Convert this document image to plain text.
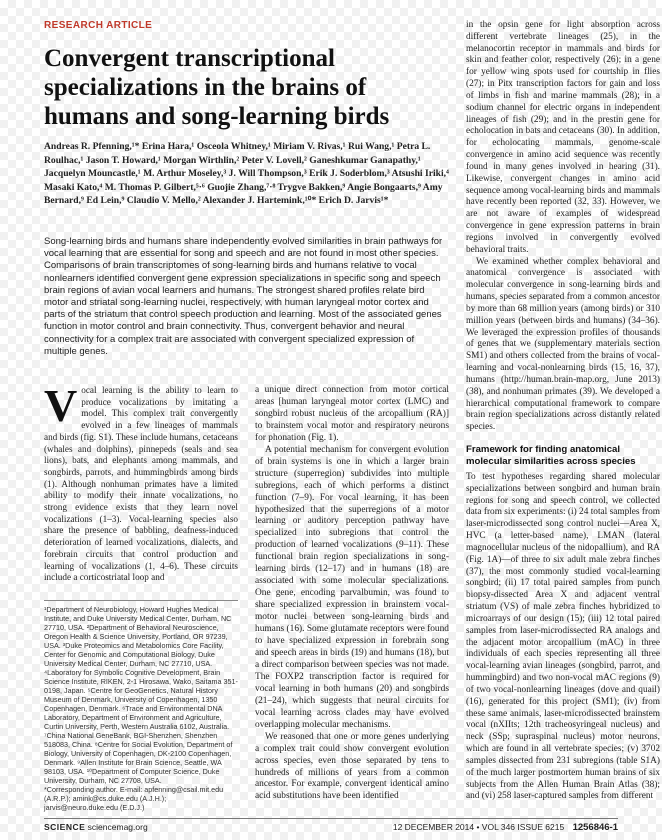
RESEARCH ARTICLE
Convergent transcriptional specializations in the brains of humans and song-learning birds
Andreas R. Pfenning,¹* Erina Hara,¹ Osceola Whitney,¹ Miriam V. Rivas,¹ Rui Wang,¹ Petra L. Roulhac,¹ Jason T. Howard,¹ Morgan Wirthlin,² Peter V. Lovell,² Ganeshkumar Ganapathy,¹ Jacquelyn Mouncastle,¹ M. Arthur Moseley,³ J. Will Thompson,³ Erik J. Soderblom,³ Atsushi Iriki,⁴ Masaki Kato,⁴ M. Thomas P. Gilbert,⁵·⁶ Guojie Zhang,⁷·⁸ Trygve Bakken,⁹ Angie Bongaarts,⁹ Amy Bernard,⁹ Ed Lein,⁹ Claudio V. Mello,² Alexander J. Hartemink,¹⁰* Erich D. Jarvis¹*
Song-learning birds and humans share independently evolved similarities in brain pathways for vocal learning that are essential for song and speech and are not found in most other species. Comparisons of brain transcriptomes of song-learning birds and humans relative to vocal nonlearners identified convergent gene expression specializations in specific song and speech brain regions of avian vocal learners and humans. The strongest shared profiles relate bird motor and striatal song-learning nuclei, respectively, with human laryngeal motor cortex and parts of the striatum that control speech production and learning. Most of the associated genes function in motor control and brain connectivity. Thus, convergent behavior and neural connectivity for a complex trait are associated with convergent specialized expression of multiple genes.

Vocal learning is the ability to learn to produce vocalizations by imitating a model. This complex trait convergently evolved in a few lineages of mammals and birds (fig. S1). These include humans, cetaceans (whales and dolphins), pinnepeds (seals and sea lions), bats, and elephants among mammals, and songbirds, parrots, and hummingbirds among birds (1). Although nonhuman primates have a limited ability to modify their innate vocalizations, no strong evidence exists that they learn novel vocalizations (1–3). Vocal-learning species also share the presence of babbling, deafness-induced deterioration of learned vocalizations, dialects, and forebrain circuits that control production and learning of vocalizations (1, 4–6). These circuits include a corticostriatal loop and

¹Department of Neurobiology, Howard Hughes Medical Institute, and Duke University Medical Center, Durham, NC 27710, USA. ²Department of Behavioral Neuroscience, Oregon Health & Science University, Portland, OR 97239, USA. ³Duke Proteomics and Metabolomics Core Facility, Center for Genomic and Computational Biology, Duke University Medical Center, Durham, NC 27710, USA. ⁴Laboratory for Symbolic Cognitive Development, Brain Science Institute, RIKEN, 2-1 Hirosawa, Wako, Saitama 351-0198, Japan. ⁵Centre for GeoGenetics, Natural History Museum of Denmark, University of Copenhagen, 1350 Copenhagen, Denmark. ⁶Trace and Environmental DNA Laboratory, Department of Environment and Agriculture, Curtin University, Perth, Western Australia 6102, Australia. ⁷China National GeneBank, BGI-Shenzhen, Shenzhen 518083, China. ⁸Centre for Social Evolution, Department of Biology, University of Copenhagen, DK-2100 Copenhagen, Denmark. ⁹Allen Institute for Brain Science, Seattle, WA 98103, USA. ¹⁰Department of Computer Science, Duke University, Durham, NC 27708, USA.
*Corresponding author. E-mail: apfenning@csail.mit.edu (A.R.P.); amink@cs.duke.edu (A.J.H.); jarvis@neuro.duke.edu (E.D.J.)

a unique direct connection from motor cortical areas [human laryngeal motor cortex (LMC) and songbird robust nucleus of the arcopallium (RA)] to brainstem vocal motor and respiratory neurons for phonation (Fig. 1).

A potential mechanism for convergent evolution of brain systems is one in which a larger brain structure (superregion) subdivides into multiple subregions, each of which performs a distinct function (7–9). For vocal learning, it has been hypothesized that the superregions of a motor learning or auditory perception pathway have specialized into subregions that control the production of learned vocalizations (9–11). These functional brain region specializations in song-learning birds (12–17) and in humans (18) are associated with some molecular specializations. One gene, encoding parvalbumin, was found to share specialized expression in brainstem vocal-motor nuclei between song-learning birds and humans (16). Some glutamate receptors were found to have specialized expression in forebrain song and speech areas in birds (19) and humans (18), but a direct comparison between species was not made. The FOXP2 transcription factor is required for vocal learning in both humans (20) and songbirds (21–24), which suggests that neural circuits for vocal learning across clades may have evolved overlapping molecular mechanisms.

We reasoned that one or more genes underlying a complex trait could show convergent evolution across species, even those separated by tens to hundreds of millions of years from a common ancestor. For example, convergent identical amino acid substitutions have been identified

in the opsin gene for light absorption across different vertebrate lineages (25), in the melanocortin receptor in mammals and birds for skin and feather color, respectively (26); in a gene for yellow wing spots used for courtship in flies (27); in Pitx transcription factors for gain and loss of limbs in fish and marine mammals (28); in a sodium channel for electric organs in independent lineages of fish (29); and in the prestin gene for echolocation in bats and cetaceans (30). In addition, for echolocating mammals, genome-scale convergence in amino acid sequence was recently found in many genes involved in hearing (31). Likewise, convergent changes in amino acid sequence among vocal-learning birds and mammals have recently been reported (32, 33). However, we are not aware of examples of widespread convergence in gene expression patterns in brain regions involved in convergently evolved behavioral traits.

We examined whether complex behavioral and anatomical convergence is associated with molecular convergence in song-learning birds and humans, species separated from a common ancestor by more than 68 million years (among birds) or 310 million years (between birds and humans) (34–36). We leveraged the expression profiles of thousands of genes that we (supplementary materials section SM1) and others collected from the brains of vocal-learning and vocal-nonlearning birds (15, 16, 37), humans (http://human.brain-map.org, June 2013) (38), and nonhuman primates (39). We developed a hierarchical computational framework to compare brain region specializations across distantly related species.

Framework for finding anatomical molecular similarities across species

To test hypotheses regarding shared molecular specializations between songbird and human brain regions for song and speech control, we collected data from six experiments: (i) 24 total samples from laser-microdissected song control nuclei—Area X, HVC (a letter-based name), LMAN (lateral magnocellular nucleus of the nidopallium), and RA (Fig. 1A)—of three to six adult male zebra finches (37), the most commonly studied vocal-learning songbird; (ii) 17 total paired samples from punch biopsy-dissected Area X and adjacent ventral striatum (VS) of male zebra finches hybridized to microarrays of our design (15); (iii) 12 total paired samples from laser-microdissected RA analogs and the adjacent motor arcopallium (mAC) in three individuals of each species representing all three vocal-learning avian lineages (songbird, parrot, and hummingbird) and two non-vocal mAC regions (9) of two vocal-nonlearning lineages (dove and quail) (16), generated for this project (SM1); (iv) from these same animals, laser-microdissected brainstem vocal (nXIIts; 12th tracheosyringeal nucleus) and neck (SSp; supraspinal nucleus) motor neurons, which are found in all vertebrate species; (v) 3702 samples dissected from 231 subregions (table S1A) of the much larger postmortem human brains of six subjects from the Allen Human Brain Atlas (38); and (vi) 258 laser-captured samples from different

SCIENCE sciencemag.org	12 DECEMBER 2014 • VOL 346 ISSUE 6215 1256846-1
